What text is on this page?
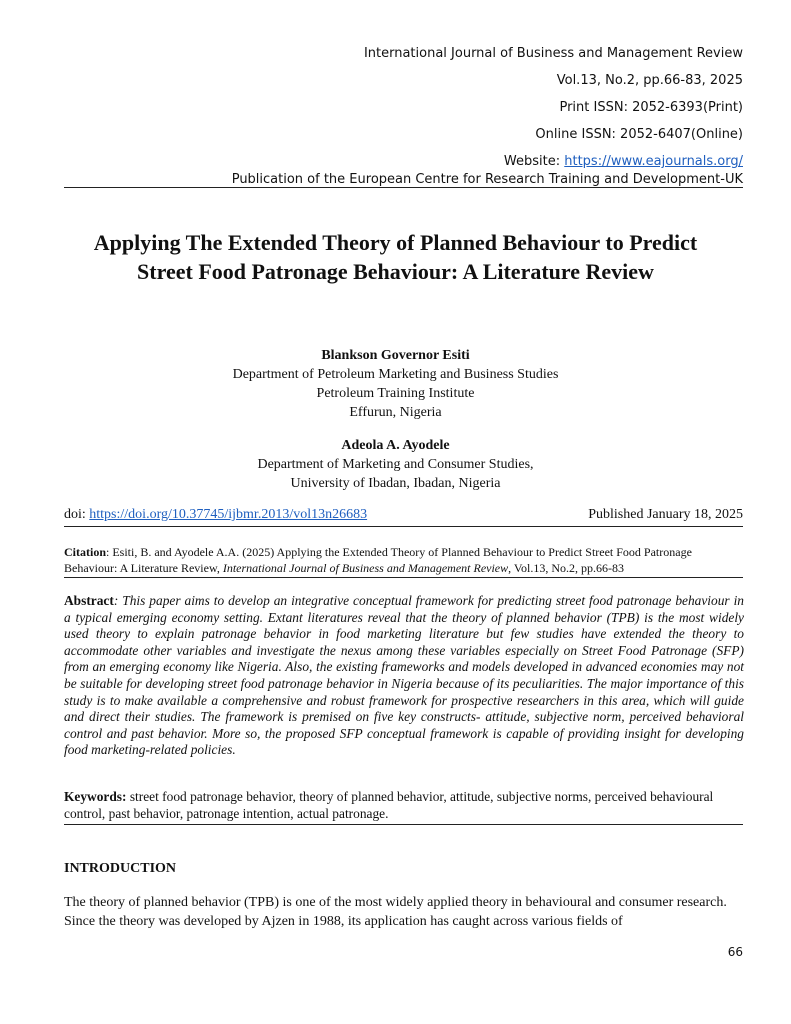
International Journal of Business and Management Review
Vol.13, No.2, pp.66-83, 2025
Print ISSN: 2052-6393(Print)
Online ISSN: 2052-6407(Online)
Website: https://www.eajournals.org/
Publication of the European Centre for Research Training and Development-UK
Applying The Extended Theory of Planned Behaviour to Predict Street Food Patronage Behaviour: A Literature Review
Blankson Governor Esiti
Department of Petroleum Marketing and Business Studies
Petroleum Training Institute
Effurun, Nigeria
Adeola A. Ayodele
Department of Marketing and Consumer Studies,
University of Ibadan, Ibadan, Nigeria
doi: https://doi.org/10.37745/ijbmr.2013/vol13n26683	Published January 18, 2025
Citation: Esiti, B. and Ayodele A.A. (2025) Applying the Extended Theory of Planned Behaviour to Predict Street Food Patronage Behaviour: A Literature Review, International Journal of Business and Management Review, Vol.13, No.2, pp.66-83
Abstract: This paper aims to develop an integrative conceptual framework for predicting street food patronage behaviour in a typical emerging economy setting. Extant literatures reveal that the theory of planned behavior (TPB) is the most widely used theory to explain patronage behavior in food marketing literature but few studies have extended the theory to accommodate other variables and investigate the nexus among these variables especially on Street Food Patronage (SFP) from an emerging economy like Nigeria. Also, the existing frameworks and models developed in advanced economies may not be suitable for developing street food patronage behavior in Nigeria because of its peculiarities. The major importance of this study is to make available a comprehensive and robust framework for prospective researchers in this area, which will guide and direct their studies. The framework is premised on five key constructs- attitude, subjective norm, perceived behavioral control and past behavior. More so, the proposed SFP conceptual framework is capable of providing insight for developing food marketing-related policies.
Keywords: street food patronage behavior, theory of planned behavior, attitude, subjective norms, perceived behavioural control, past behavior, patronage intention, actual patronage.
INTRODUCTION
The theory of planned behavior (TPB) is one of the most widely applied theory in behavioural and consumer research. Since the theory was developed by Ajzen in 1988, its application has caught across various fields of
66
